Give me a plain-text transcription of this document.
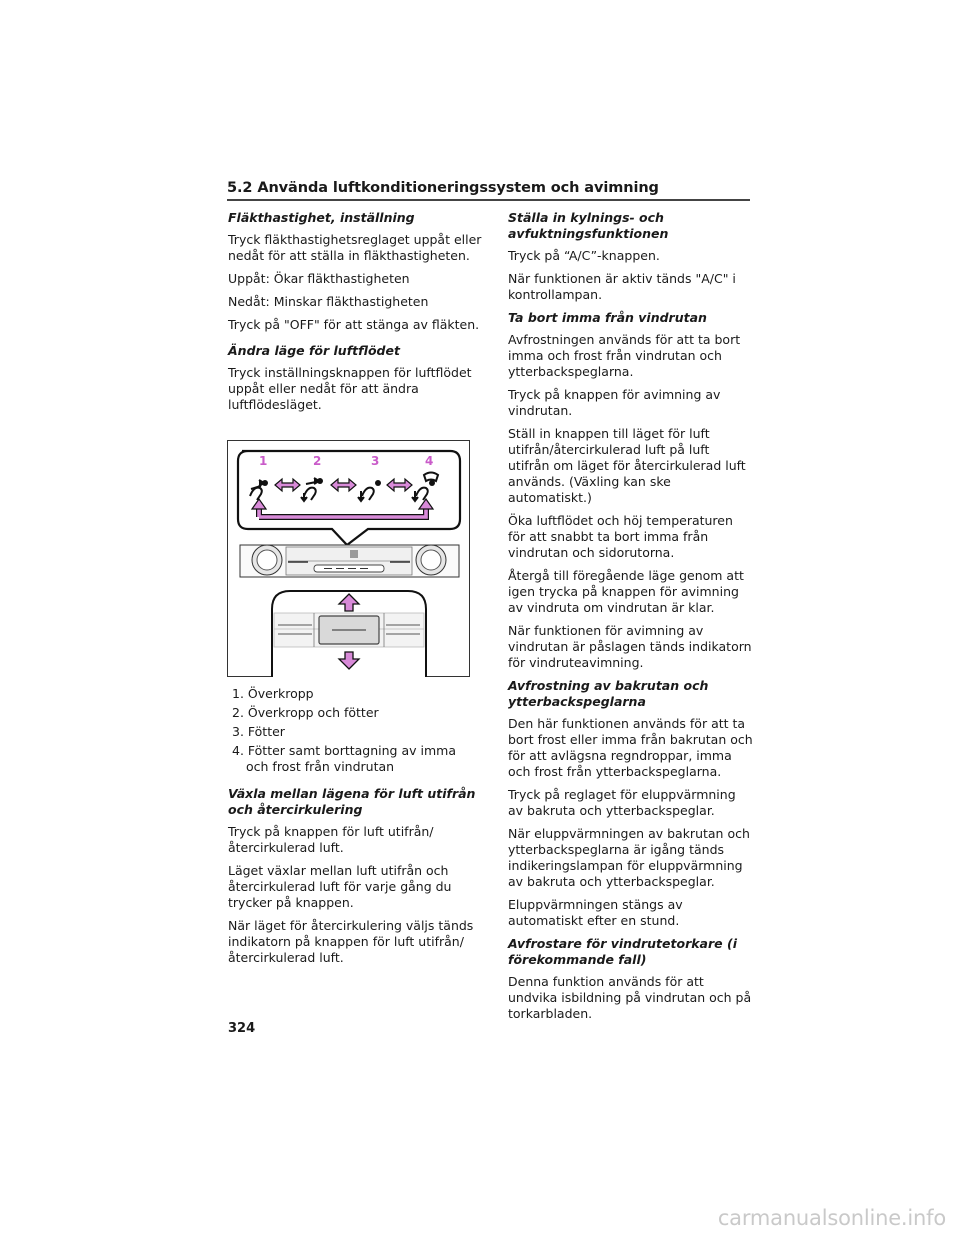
5.2 Använda luftkonditioneringssystem och avimning
Fläkthastighet, inställning
Tryck fläkthastighetsreglaget uppåt eller nedåt för att ställa in fläkthastigheten.
Uppåt: Ökar fläkthastigheten
Nedåt: Minskar fläkthastigheten
Tryck på "OFF" för att stänga av fläkten.
Ändra läge för luftflödet
Tryck inställningsknappen för luftflödet uppåt eller nedåt för att ändra luftflödesläget.
1	2	3	4
1. Överkropp
2. Överkropp och fötter
3. Fötter
4. Fötter samt borttagning av imma och frost från vindrutan
Växla mellan lägena för luft utifrån och återcirkulering
Tryck på knappen för luft utifrån/återcirkulerad luft.
Läget växlar mellan luft utifrån och återcirkulerad luft för varje gång du trycker på knappen.
När läget för återcirkulering väljs tänds indikatorn på knappen för luft utifrån/återcirkulerad luft.
Ställa in kylnings- och avfuktningsfunktionen
Tryck på “A/C”-knappen.
När funktionen är aktiv tänds "A/C" i kontrollampan.
Ta bort imma från vindrutan
Avfrostningen används för att ta bort imma och frost från vindrutan och ytterbackspeglarna.
Tryck på knappen för avimning av vindrutan.
Ställ in knappen till läget för luft utifrån/återcirkulerad luft på luft utifrån om läget för återcirkulerad luft används. (Växling kan ske automatiskt.)
Öka luftflödet och höj temperaturen för att snabbt ta bort imma från vindrutan och sidorutorna.
Återgå till föregående läge genom att igen trycka på knappen för avimning av vindruta om vindrutan är klar.
När funktionen för avimning av vindrutan är påslagen tänds indikatorn för vindruteavimning.
Avfrostning av bakrutan och ytterbackspeglarna
Den här funktionen används för att ta bort frost eller imma från bakrutan och för att avlägsna regndroppar, imma och frost från ytterbackspeglarna.
Tryck på reglaget för eluppvärmning av bakruta och ytterbackspeglar.
När eluppvärmningen av bakrutan och ytterbackspeglarna är igång tänds indikeringslampan för eluppvärmning av bakruta och ytterbackspeglar.
Eluppvärmningen stängs av automatiskt efter en stund.
Avfrostare för vindrutetorkare (i förekommande fall)
Denna funktion används för att undvika isbildning på vindrutan och på torkarbladen.
324
carmanualsonline.info
